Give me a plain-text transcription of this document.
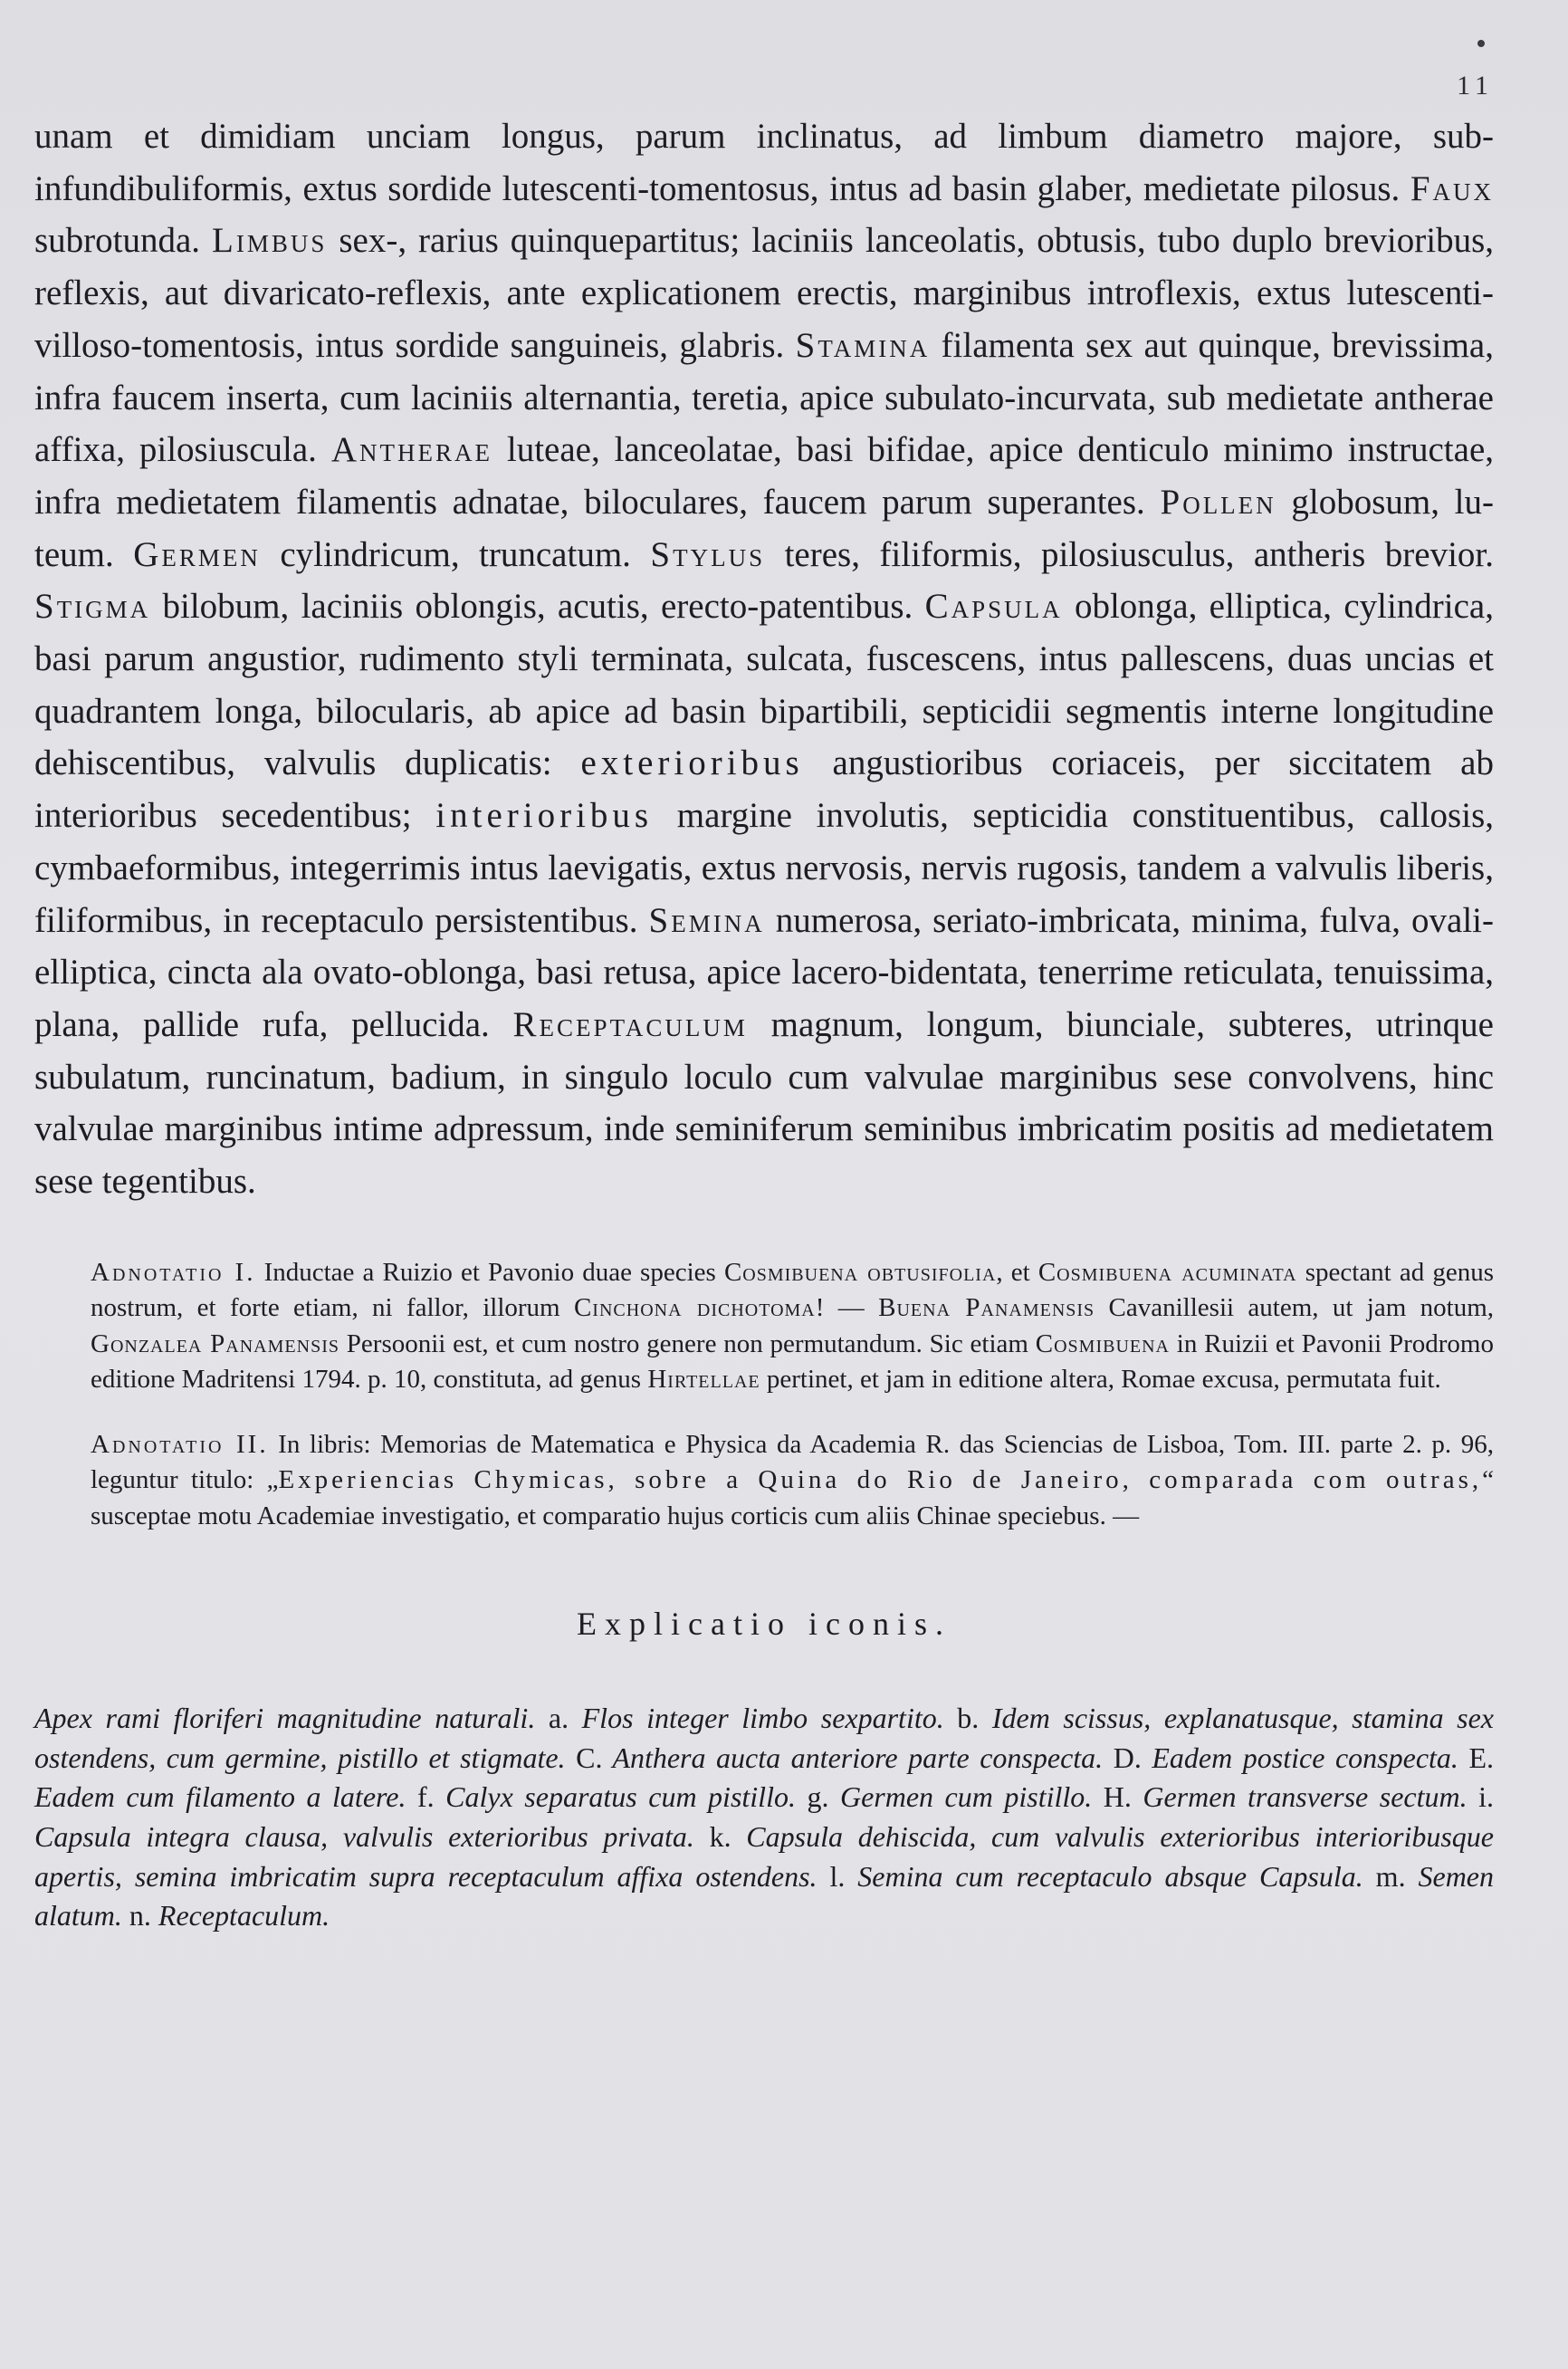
11

unam et dimidiam unciam longus, parum inclinatus, ad limbum diametro majore, subinfundibuliformis, extus sordide lutescenti-tomentosus, intus ad basin glaber, medietate pilosus. Faux subrotunda. Limbus sex-, rarius quinquepartitus; laciniis lanceolatis, obtusis, tubo duplo brevioribus, reflexis, aut divaricato-reflexis, ante explicationem erectis, marginibus introflexis, extus lutescenti-villoso-tomentosis, intus sordide sanguineis, glabris. Stamina filamenta sex aut quinque, brevissima, infra faucem inserta, cum laciniis alternantia, teretia, apice subulato-incurvata, sub medietate antherae affixa, pilosiuscula. Antherae luteae, lanceolatae, basi bifidae, apice denticulo minimo instructae, infra medietatem filamentis adnatae, biloculares, faucem parum superantes. Pollen globosum, luteum. Germen cylindricum, truncatum. Stylus teres, filiformis, pilosiusculus, antheris brevior. Stigma bilobum, laciniis oblongis, acutis, erecto-patentibus. Capsula oblonga, elliptica, cylindrica, basi parum angustior, rudimento styli terminata, sulcata, fuscescens, intus pallescens, duas uncias et quadrantem longa, bilocularis, ab apice ad basin bipartibili, septicidii segmentis interne longitudine dehiscentibus, valvulis duplicatis: exterioribus angustioribus coriaceis, per siccitatem ab interioribus secedentibus; interioribus margine involutis, septicidia constituentibus, callosis, cymbaeformibus, integerrimis intus laevigatis, extus nervosis, nervis rugosis, tandem a valvulis liberis, filiformibus, in receptaculo persistentibus. Semina numerosa, seriato-imbricata, minima, fulva, ovali-elliptica, cincta ala ovato-oblonga, basi retusa, apice lacero-bidentata, tenerrime reticulata, tenuissima, plana, pallide rufa, pellucida. Receptaculum magnum, longum, biunciale, subteres, utrinque subulatum, runcinatum, badium, in singulo loculo cum valvulae marginibus sese convolvens, hinc valvulae marginibus intime adpressum, inde seminiferum seminibus imbricatim positis ad medietatem sese tegentibus.

Adnotatio I. Inductae a Ruizio et Pavonio duae species Cosmibuena obtusifolia, et Cosmibuena acuminata spectant ad genus nostrum, et forte etiam, ni fallor, illorum Cinchona dichotoma! — Buena Panamensis Cavanillesii autem, ut jam notum, Gonzalea Panamensis Persoonii est, et cum nostro genere non permutandum. Sic etiam Cosmibuena in Ruizii et Pavonii Prodromo editione Madritensi 1794. p. 10, constituta, ad genus Hirtellae pertinet, et jam in editione altera, Romae excusa, permutata fuit.

Adnotatio II. In libris: Memorias de Matematica e Physica da Academia R. das Sciencias de Lisboa, Tom. III. parte 2. p. 96, leguntur titulo: „Experiencias Chymicas, sobre a Quina do Rio de Janeiro, comparada com outras,“ susceptae motu Academiae investigatio, et comparatio hujus corticis cum aliis Chinae speciebus. —

Explicatio iconis.

Apex rami floriferi magnitudine naturali. a. Flos integer limbo sexpartito. b. Idem scissus, explanatusque, stamina sex ostendens, cum germine, pistillo et stigmate. C. Anthera aucta anteriore parte conspecta. D. Eadem postice conspecta. E. Eadem cum filamento a latere. f. Calyx separatus cum pistillo. g. Germen cum pistillo. H. Germen transverse sectum. i. Capsula integra clausa, valvulis exterioribus privata. k. Capsula dehiscida, cum valvulis exterioribus interioribusque apertis, semina imbricatim supra receptaculum affixa ostendens. l. Semina cum receptaculo absque Capsula. m. Semen alatum. n. Receptaculum.
